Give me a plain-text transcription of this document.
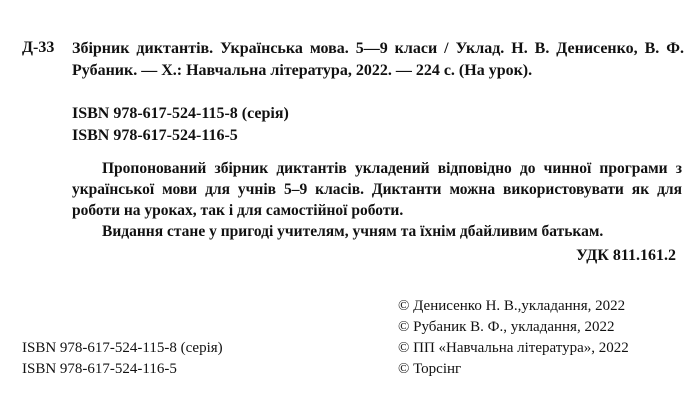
Д-33 Збірник диктантів. Українська мова. 5—9 класи / Уклад. Н. В. Денисенко, В. Ф. Рубаник. — Х.: Навчальна література, 2022. — 224 с. (На урок).
ISBN 978-617-524-115-8 (серія)
ISBN 978-617-524-116-5

Пропонований збірник диктантів укладений відповідно до чинної програми з української мови для учнів 5–9 класів. Диктанти можна використовувати як для роботи на уроках, так і для самостійної роботи.

Видання стане у пригоді учителям, учням та їхнім дбайливим батькам.

УДК 811.161.2
ISBN 978-617-524-115-8 (серія)
ISBN 978-617-524-116-5
© Денисенко Н. В.,укладання, 2022
© Рубаник В. Ф., укладання, 2022
© ПП «Навчальна література», 2022
© Торсінг
